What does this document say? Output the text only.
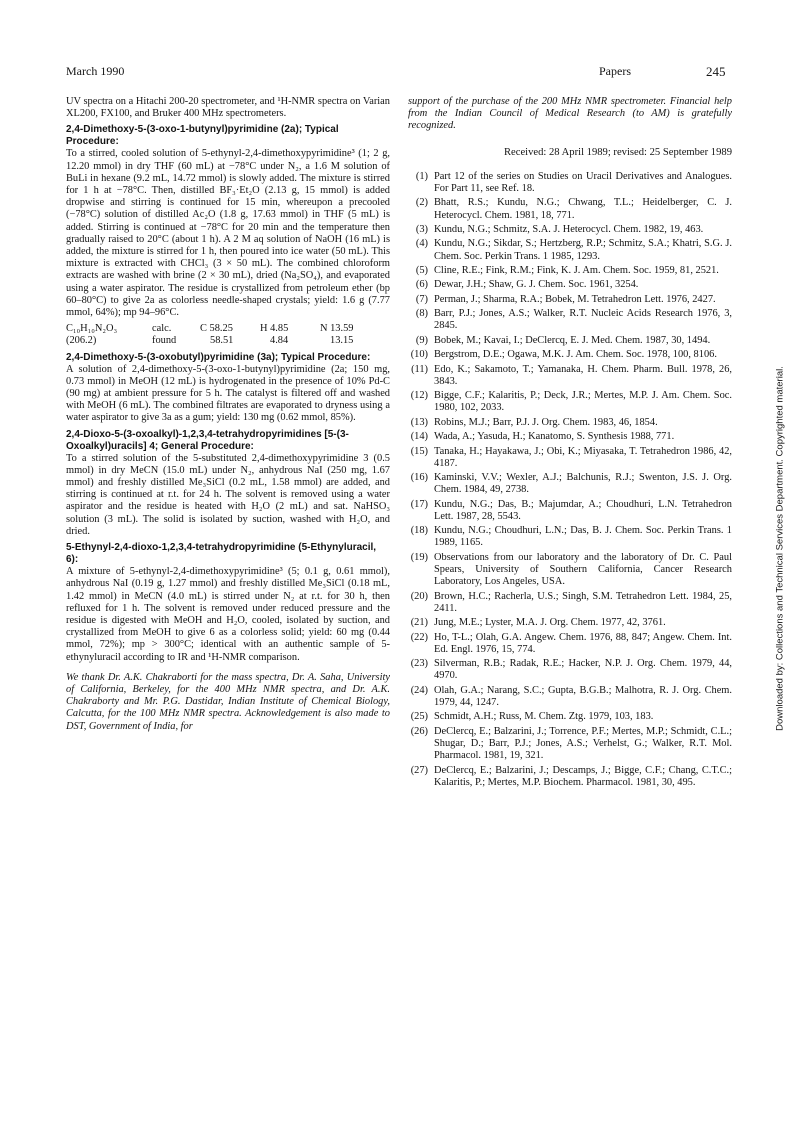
March 1990	Papers	245

UV spectra on a Hitachi 200-20 spectrometer, and ¹H-NMR spectra on Varian XL200, FX100, and Bruker 400 MHz spectrometers.

2,4-Dimethoxy-5-(3-oxo-1-butynyl)pyrimidine (2a); Typical Procedure:

To a stirred, cooled solution of 5-ethynyl-2,4-dimethoxypyrimidine³ (1; 2 g, 12.20 mmol) in dry THF (60 mL) at −78°C under N₂, a 1.6 M solution of BuLi in hexane (9.2 mL, 14.72 mmol) is slowly added. The mixture is stirred for 1 h at −78°C. Then, distilled BF₃·Et₂O (2.13 g, 15 mmol) is added dropwise and stirring is continued for 15 min, whereupon a precooled (−78°C) solution of distilled Ac₂O (1.8 g, 17.63 mmol) in THF (5 mL) is added. Stirring is continued at −78°C for 20 min and the temperature then gradually raised to 20°C (about 1 h). A 2 M aq solution of NaOH (16 mL) is added, the mixture is stirred for 1 h, then poured into ice water (50 mL). This mixture is extracted with CHCl₃ (3 × 50 mL). The combined chloroform extracts are washed with brine (2 × 30 mL), dried (Na₂SO₄), and evaporated using a water aspirator. The residue is crystallized from petroleum ether (bp 60–80°C) to give 2a as colorless needle-shaped crystals; yield: 1.6 g (7.77 mmol, 64%); mp 94–96°C.

C₁₀H₁₀N₂O₃	calc.	C 58.25	H 4.85	N 13.59
(206.2)	found	58.51	4.84	13.15

2,4-Dimethoxy-5-(3-oxobutyl)pyrimidine (3a); Typical Procedure:

A solution of 2,4-dimethoxy-5-(3-oxo-1-butynyl)pyrimidine (2a; 150 mg, 0.73 mmol) in MeOH (12 mL) is hydrogenated in the presence of 10% Pd-C (90 mg) at ambient pressure for 5 h. The catalyst is filtered off and washed with MeOH (6 mL). The combined filtrates are evaporated to dryness using a water aspirator to give 3a as a gum; yield: 130 mg (0.62 mmol, 85%).

2,4-Dioxo-5-(3-oxoalkyl)-1,2,3,4-tetrahydropyrimidines [5-(3-Oxoalkyl)uracils] 4; General Procedure:

To a stirred solution of the 5-substituted 2,4-dimethoxypyrimidine 3 (0.5 mmol) in dry MeCN (15.0 mL) under N₂, anhydrous NaI (250 mg, 1.67 mmol) and freshly distilled Me₃SiCl (0.2 mL, 1.58 mmol) are added, and stirring is continued at r.t. for 24 h. The solvent is removed using a water aspirator and the residue is heated with H₂O (2 mL) and sat. NaHSO₃ solution (3 mL). The solid is isolated by suction, washed with H₂O, and dried.

5-Ethynyl-2,4-dioxo-1,2,3,4-tetrahydropyrimidine (5-Ethynyluracil, 6):

A mixture of 5-ethynyl-2,4-dimethoxypyrimidine³ (5; 0.1 g, 0.61 mmol), anhydrous NaI (0.19 g, 1.27 mmol) and freshly distilled Me₃SiCl (0.18 mL, 1.42 mmol) in MeCN (4.0 mL) is stirred under N₂ at r.t. for 30 h, then refluxed for 1 h. The solvent is removed under reduced pressure and the residue is digested with MeOH and H₂O, cooled, isolated by suction, and crystallized from MeOH to give 6 as a colorless solid; yield: 60 mg (0.44 mmol, 72%); mp > 300°C; identical with an authentic sample of 5-ethynyluracil according to IR and ¹H-NMR comparison.

We thank Dr. A.K. Chakraborti for the mass spectra, Dr. A. Saha, University of California, Berkeley, for the 400 MHz NMR spectra, and Dr. A.K. Chakraborty and Mr. P.G. Dastidar, Indian Institute of Chemical Biology, Calcutta, for the 100 MHz NMR spectra. Acknowledgement is also made to DST, Government of India, for

support of the purchase of the 200 MHz NMR spectrometer. Financial help from the Indian Council of Medical Research (to AM) is gratefully recognized.

Received: 28 April 1989; revised: 25 September 1989

(1) Part 12 of the series on Studies on Uracil Derivatives and Analogues. For Part 11, see Ref. 18.
(2) Bhatt, R.S.; Kundu, N.G.; Chwang, T.L.; Heidelberger, C. J. Heterocycl. Chem. 1981, 18, 771.
(3) Kundu, N.G.; Schmitz, S.A. J. Heterocycl. Chem. 1982, 19, 463.
(4) Kundu, N.G.; Sikdar, S.; Hertzberg, R.P.; Schmitz, S.A.; Khatri, S.G. J. Chem. Soc. Perkin Trans. 1 1985, 1293.
(5) Cline, R.E.; Fink, R.M.; Fink, K. J. Am. Chem. Soc. 1959, 81, 2521.
(6) Dewar, J.H.; Shaw, G. J. Chem. Soc. 1961, 3254.
(7) Perman, J.; Sharma, R.A.; Bobek, M. Tetrahedron Lett. 1976, 2427.
(8) Barr, P.J.; Jones, A.S.; Walker, R.T. Nucleic Acids Research 1976, 3, 2845.
(9) Bobek, M.; Kavai, I.; DeClercq, E. J. Med. Chem. 1987, 30, 1494.
(10) Bergstrom, D.E.; Ogawa, M.K. J. Am. Chem. Soc. 1978, 100, 8106.
(11) Edo, K.; Sakamoto, T.; Yamanaka, H. Chem. Pharm. Bull. 1978, 26, 3843.
(12) Bigge, C.F.; Kalaritis, P.; Deck, J.R.; Mertes, M.P. J. Am. Chem. Soc. 1980, 102, 2033.
(13) Robins, M.J.; Barr, P.J. J. Org. Chem. 1983, 46, 1854.
(14) Wada, A.; Yasuda, H.; Kanatomo, S. Synthesis 1988, 771.
(15) Tanaka, H.; Hayakawa, J.; Obi, K.; Miyasaka, T. Tetrahedron 1986, 42, 4187.
(16) Kaminski, V.V.; Wexler, A.J.; Balchunis, R.J.; Swenton, J.S. J. Org. Chem. 1984, 49, 2738.
(17) Kundu, N.G.; Das, B.; Majumdar, A.; Choudhuri, L.N. Tetrahedron Lett. 1987, 28, 5543.
(18) Kundu, N.G.; Choudhuri, L.N.; Das, B. J. Chem. Soc. Perkin Trans. 1 1989, 1165.
(19) Observations from our laboratory and the laboratory of Dr. C. Paul Spears, University of Southern California, Cancer Research Laboratory, Los Angeles, USA.
(20) Brown, H.C.; Racherla, U.S.; Singh, S.M. Tetrahedron Lett. 1984, 25, 2411.
(21) Jung, M.E.; Lyster, M.A. J. Org. Chem. 1977, 42, 3761.
(22) Ho, T-L.; Olah, G.A. Angew. Chem. 1976, 88, 847; Angew. Chem. Int. Ed. Engl. 1976, 15, 774.
(23) Silverman, R.B.; Radak, R.E.; Hacker, N.P. J. Org. Chem. 1979, 44, 4970.
(24) Olah, G.A.; Narang, S.C.; Gupta, B.G.B.; Malhotra, R. J. Org. Chem. 1979, 44, 1247.
(25) Schmidt, A.H.; Russ, M. Chem. Ztg. 1979, 103, 183.
(26) DeClercq, E.; Balzarini, J.; Torrence, P.F.; Mertes, M.P.; Schmidt, C.L.; Shugar, D.; Barr, P.J.; Jones, A.S.; Verhelst, G.; Walker, R.T. Mol. Pharmacol. 1981, 19, 321.
(27) DeClercq, E.; Balzarini, J.; Descamps, J.; Bigge, C.F.; Chang, C.T.C.; Kalaritis, P.; Mertes, M.P. Biochem. Pharmacol. 1981, 30, 495.
Downloaded by: Collections and Technical Services Department. Copyrighted material.
